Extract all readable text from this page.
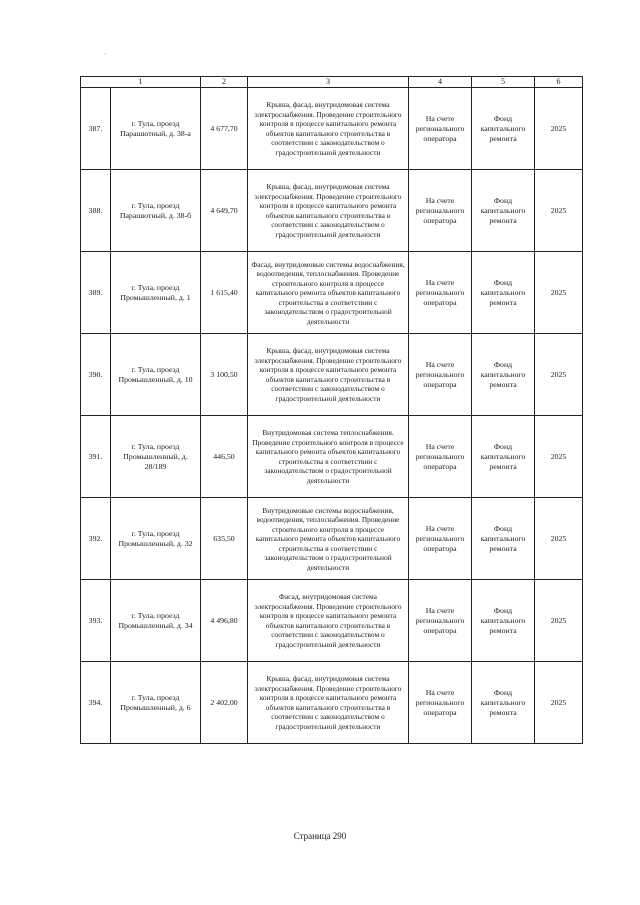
·
1		2	3	4	5	6
387.	г. Тула, проезд Парашютный, д. 38-а	4 677,70	Крыша, фасад, внутридомовая система электроснабжения. Проведение строительного контроля в процессе капитального ремонта объектов капитального строительства в соответствии с законодательством о градостроительной деятельности	На счете регионального оператора	Фонд капитального ремонта	2025
388.	г. Тула, проезд Парашютный, д. 38-б	4 649,70	Крыша, фасад, внутридомовая система электроснабжения. Проведение строительного контроля в процессе капитального ремонта объектов капитального строительства в соответствии с законодательством о градостроительной деятельности	На счете регионального оператора	Фонд капитального ремонта	2025
389.	г. Тула, проезд Промышленный, д. 1	1 615,40	Фасад, внутридомовые системы водоснабжения, водоотведения, теплоснабжения. Проведение строительного контроля в процессе капитального ремонта объектов капитального строительства в соответствии с законодательством о градостроительной деятельности	На счете регионального оператора	Фонд капитального ремонта	2025
390.	г. Тула, проезд Промышленный, д. 10	3 100,50	Крыша, фасад, внутридомовая система электроснабжения. Проведение строительного контроля в процессе капитального ремонта объектов капитального строительства в соответствии с законодательством о градостроительной деятельности	На счете регионального оператора	Фонд капитального ремонта	2025
391.	г. Тула, проезд Промышленный, д. 28/189	446,50	Внутридомовая система теплоснабжения. Проведение строительного контроля в процессе капитального ремонта объектов капитального строительства в соответствии с законодательством о градостроительной деятельности	На счете регионального оператора	Фонд капитального ремонта	2025
392.	г. Тула, проезд Промышленный, д. 32	635,50	Внутридомовые системы водоснабжения, водоотведения, теплоснабжения. Проведение строительного контроля в процессе капитального ремонта объектов капитального строительства в соответствии с законодательством о градостроительной деятельности	На счете регионального оператора	Фонд капитального ремонта	2025
393.	г. Тула, проезд Промышленный, д. 34	4 496,80	Фасад, внутридомовая система электроснабжения. Проведение строительного контроля в процессе капитального ремонта объектов капитального строительства в соответствии с законодательством о градостроительной деятельности	На счете регионального оператора	Фонд капитального ремонта	2025
394.	г. Тула, проезд Промышленный, д. 6	2 402,00	Крыша, фасад, внутридомовая система электроснабжения. Проведение строительного контроля в процессе капитального ремонта объектов капитального строительства в соответствии с законодательством о градостроительной деятельности	На счете регионального оператора	Фонд капитального ремонта	2025
Страница 290
